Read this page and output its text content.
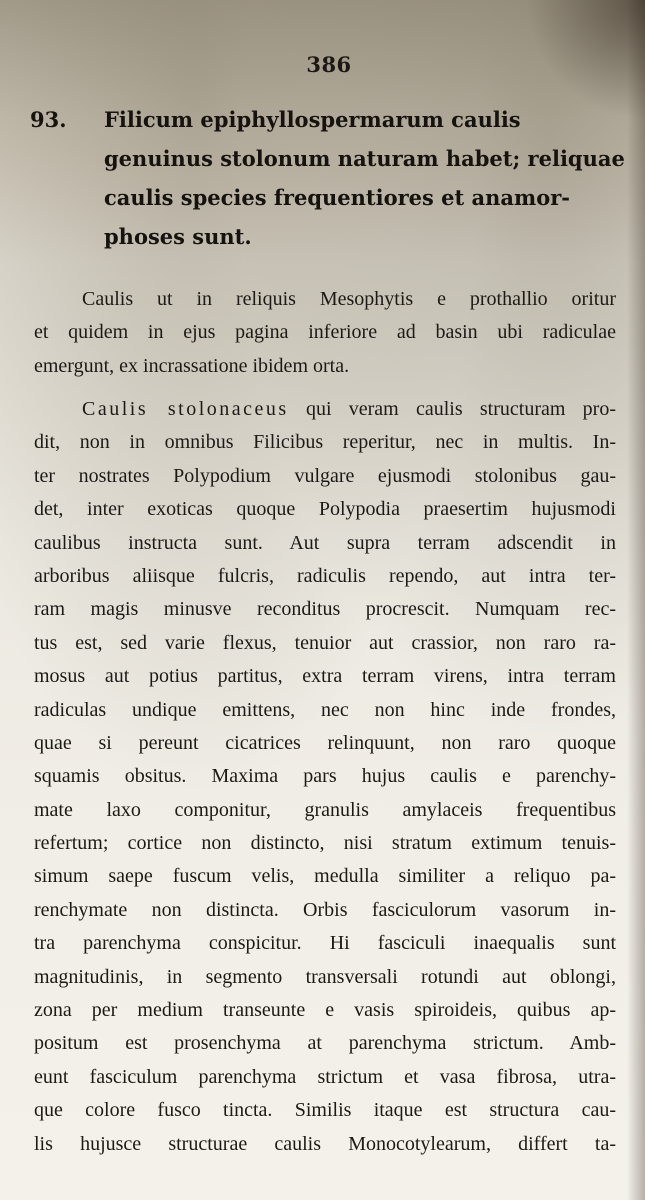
386
93. Filicum epiphyllospermarum caulis
genuinus stolonum naturam habet; reliquae
caulis species frequentiores et anamor-
phoses sunt.
Caulis ut in reliquis Mesophytis e prothallio oritur
et quidem in ejus pagina inferiore ad basin ubi radiculae
emergunt, ex incrassatione ibidem orta.
Caulis stolonaceus qui veram caulis structuram pro-
dit, non in omnibus Filicibus reperitur, nec in multis. In-
ter nostrates Polypodium vulgare ejusmodi stolonibus gau-
det, inter exoticas quoque Polypodia praesertim hujusmodi
caulibus instructa sunt. Aut supra terram adscendit in
arboribus aliisque fulcris, radiculis rependo, aut intra ter-
ram magis minusve reconditus procrescit. Numquam rec-
tus est, sed varie flexus, tenuior aut crassior, non raro ra-
mosus aut potius partitus, extra terram virens, intra terram
radiculas undique emittens, nec non hinc inde frondes,
quae si pereunt cicatrices relinquunt, non raro quoque
squamis obsitus. Maxima pars hujus caulis e parenchy-
mate laxo componitur, granulis amylaceis frequentibus
refertum; cortice non distincto, nisi stratum extimum tenuis-
simum saepe fuscum velis, medulla similiter a reliquo pa-
renchymate non distincta. Orbis fasciculorum vasorum in-
tra parenchyma conspicitur. Hi fasciculi inaequalis sunt
magnitudinis, in segmento transversali rotundi aut oblongi,
zona per medium transeunte e vasis spiroideis, quibus ap-
positum est prosenchyma at parenchyma strictum. Amb-
eunt fasciculum parenchyma strictum et vasa fibrosa, utra-
que colore fusco tincta. Similis itaque est structura cau-
lis hujusce structurae caulis Monocotylearum, differt ta-
